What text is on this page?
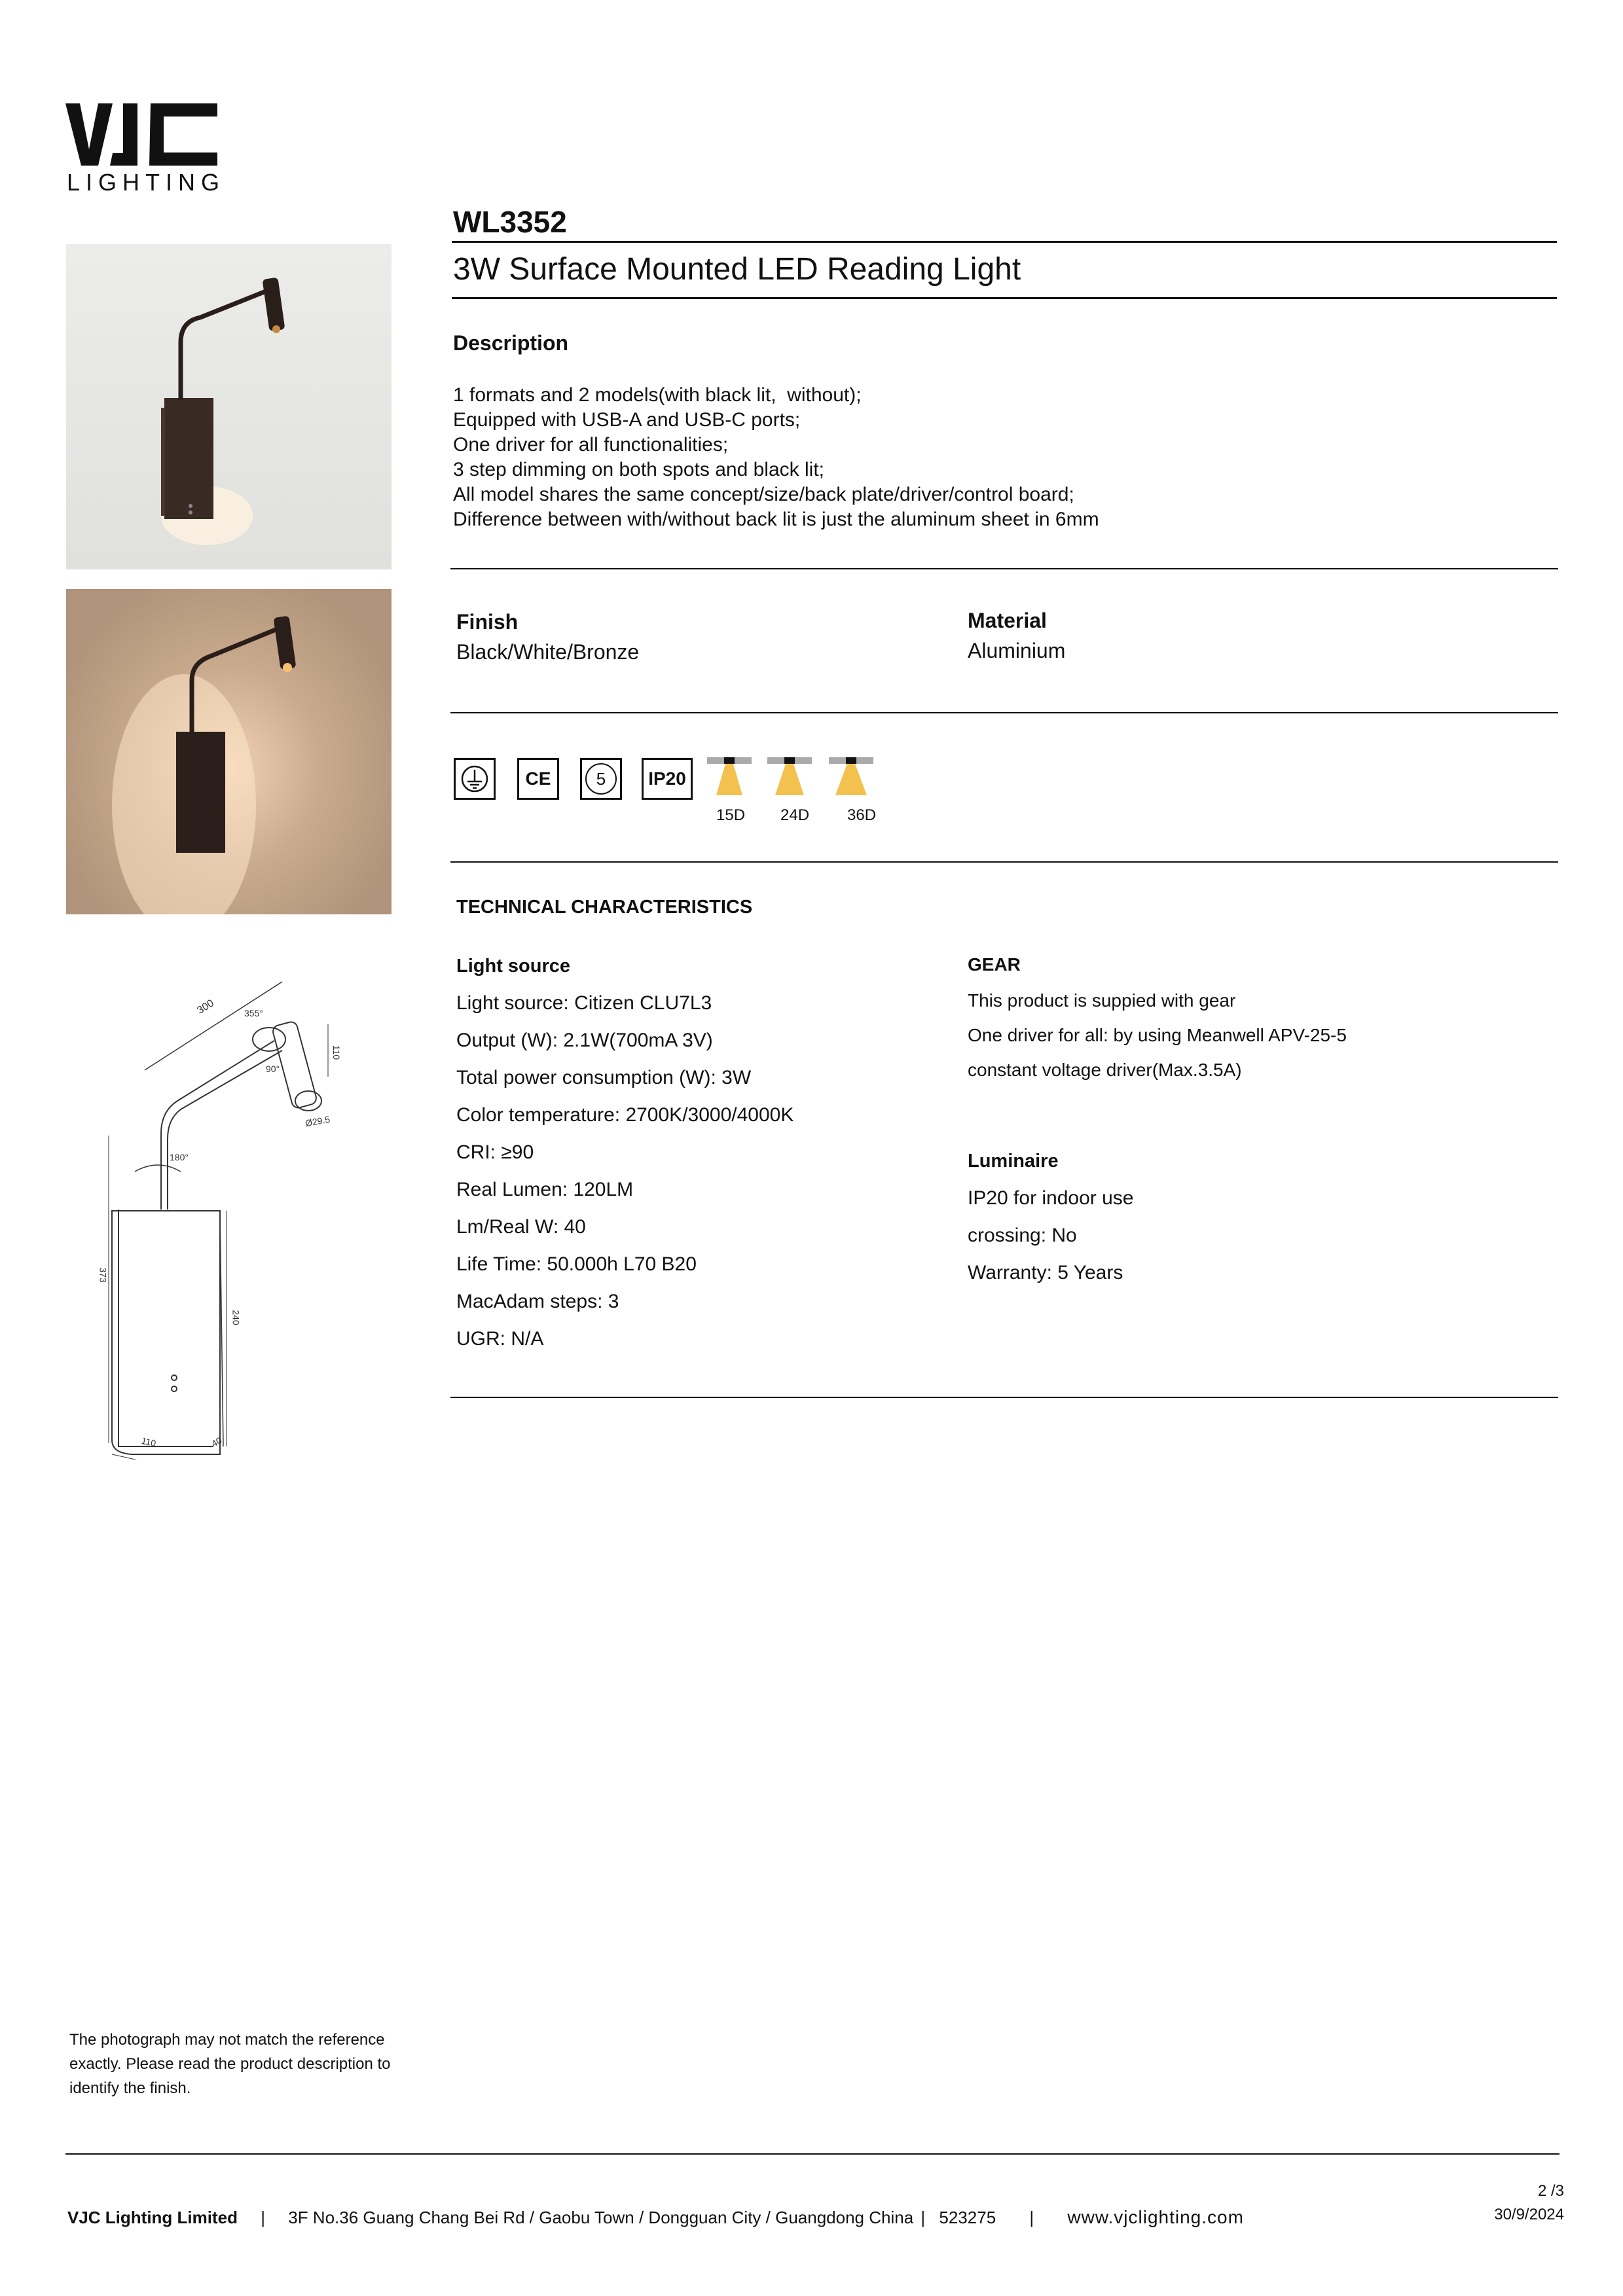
LIGHTING
300	355°
110
90°
Ø29.5
180°
373
240
110	40
WL3352
3W Surface Mounted LED Reading Light
Description
1 formats and 2 models(with black lit,  without);
Equipped with USB-A and USB-C ports;
One driver for all functionalities;
3 step dimming on both spots and black lit;
All model shares the same concept/size/back plate/driver/control board;
Difference between with/without back lit is just the aluminum sheet in 6mm
Finish
Black/White/Bronze
Material
Aluminium
CE	5	IP20
15D 24D 36D
TECHNICAL CHARACTERISTICS
Light source
Light source: Citizen CLU7L3
Output (W): 2.1W(700mA 3V)
Total power consumption (W): 3W
Color temperature: 2700K/3000/4000K
CRI: ≥90
Real Lumen: 120LM
Lm/Real W: 40
Life Time: 50.000h L70 B20
MacAdam steps: 3
UGR: N/A
GEAR
This product is suppied with gear
One driver for all: by using Meanwell APV-25-5
constant voltage driver(Max.3.5A)
Luminaire
IP20 for indoor use
crossing: No
Warranty: 5 Years
The photograph may not match the reference exactly. Please read the product description to identify the finish.
VJC Lighting Limited | 3F No.36 Guang Chang Bei Rd / Gaobu Town / Dongguan City / Guangdong China | 523275 | www.vjclighting.com
2 /3
30/9/2024
